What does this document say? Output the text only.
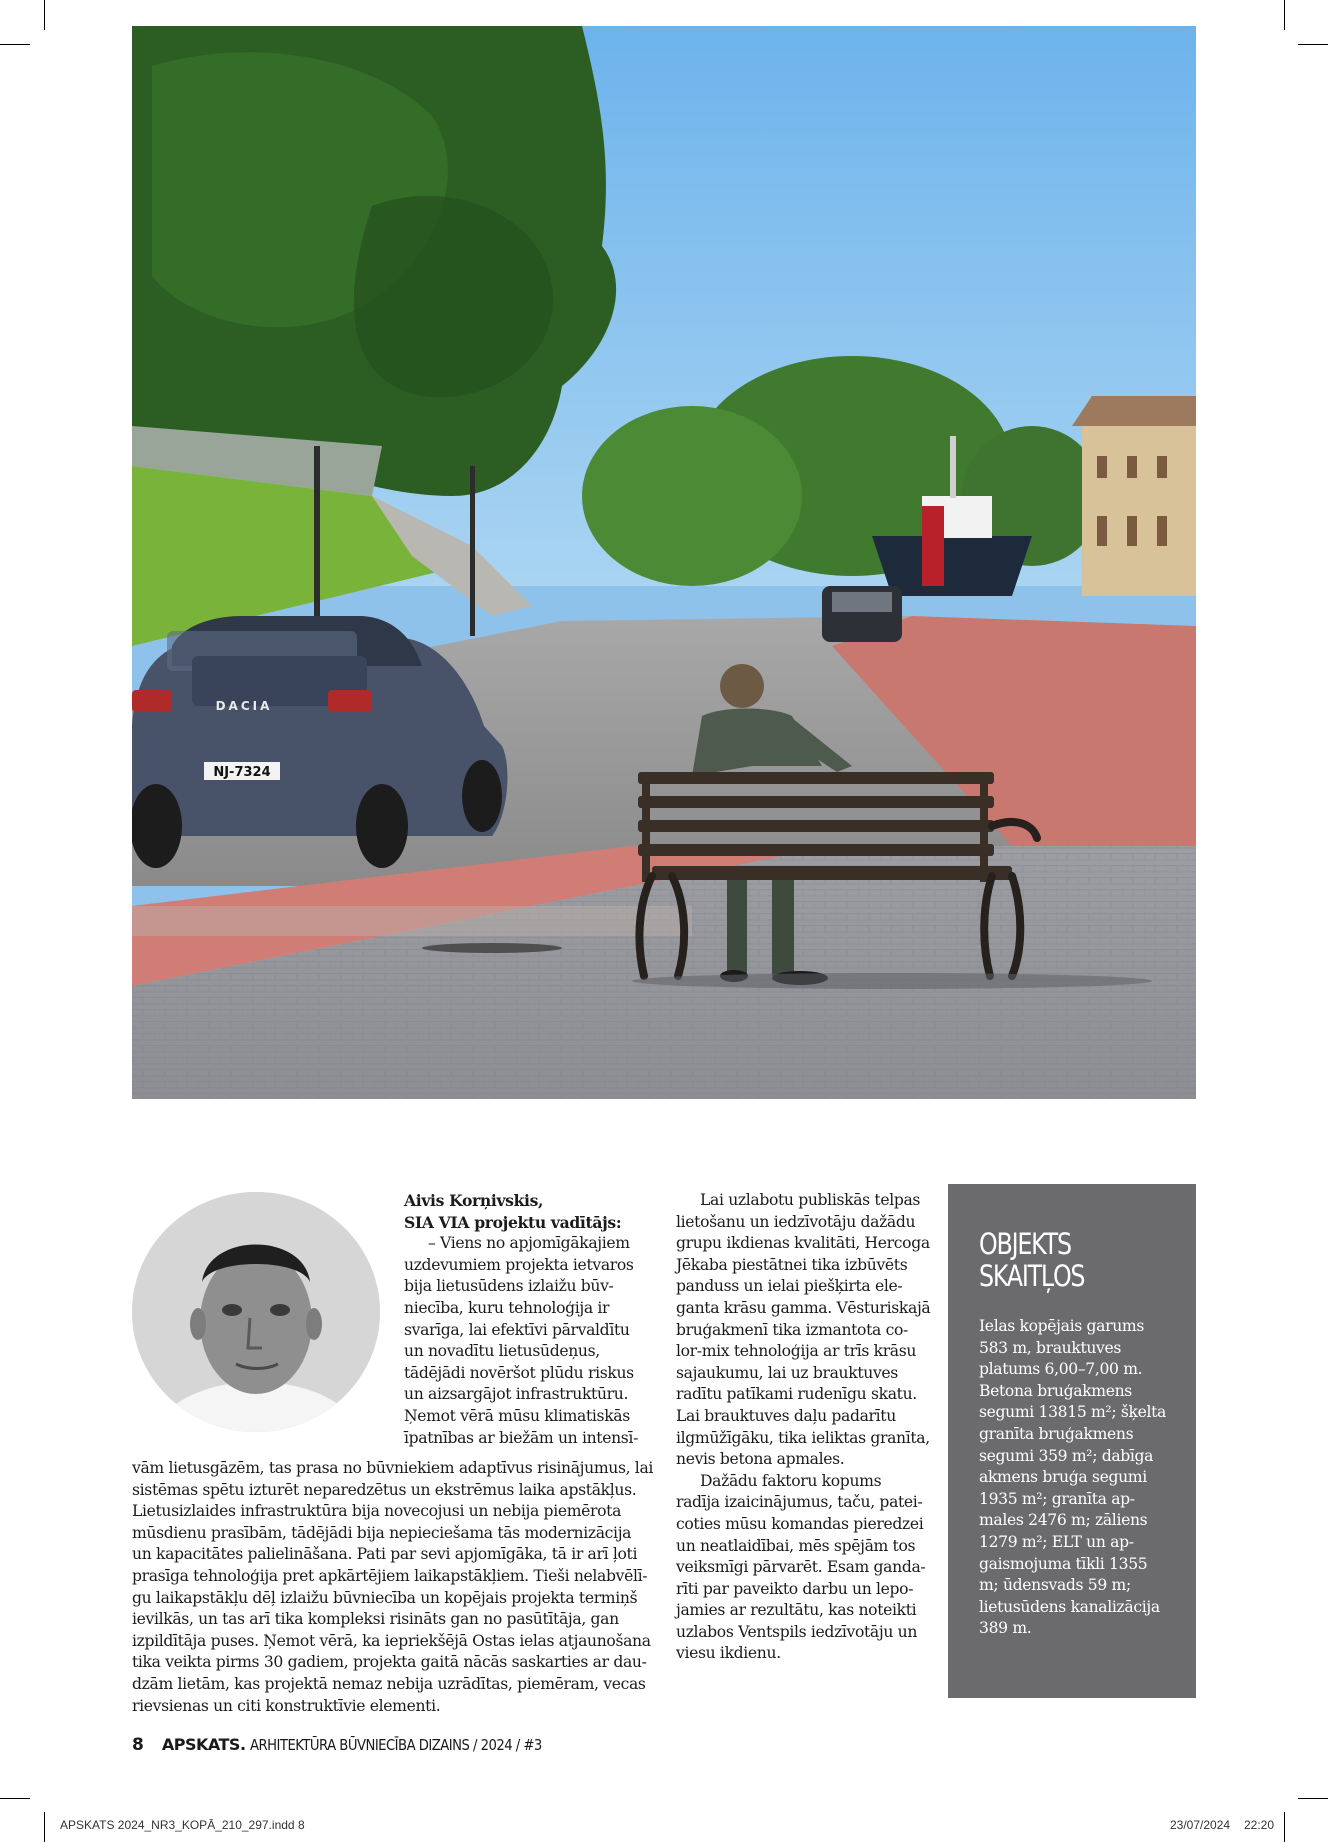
NJ-7324
DACIA
Aivis Korņivskis,
SIA VIA projektu vadītājs:
– Viens no apjomīgākajiem
uzdevumiem projekta ietvaros
bija lietusūdens izlaižu būv-
niecība, kuru tehnoloģija ir
svarīga, lai efektīvi pārvaldītu
un novadītu lietusūdeņus,
tādējādi novēršot plūdu riskus
un aizsargājot infrastruktūru.
Ņemot vērā mūsu klimatiskās
īpatnības ar biežām un intensī-
vām lietusgāzēm, tas prasa no būvniekiem adaptīvus risinājumus, lai
sistēmas spētu izturēt neparedzētus un ekstrēmus laika apstākļus.
Lietusizlaides infrastruktūra bija novecojusi un nebija piemērota
mūsdienu prasībām, tādējādi bija nepieciešama tās modernizācija
un kapacitātes palielināšana. Pati par sevi apjomīgāka, tā ir arī ļoti
prasīga tehnoloģija pret apkārtējiem laikapstākļiem. Tieši nelabvēlī-
gu laikapstākļu dēļ izlaižu būvniecība un kopējais projekta termiņš
ievilkās, un tas arī tika kompleksi risināts gan no pasūtītāja, gan
izpildītāja puses. Ņemot vērā, ka iepriekšējā Ostas ielas atjaunošana
tika veikta pirms 30 gadiem, projekta gaitā nācās saskarties ar dau-
dzām lietām, kas projektā nemaz nebija uzrādītas, piemēram, vecas
rievsienas un citi konstruktīvie elementi.
Lai uzlabotu publiskās telpas
lietošanu un iedzīvotāju dažādu
grupu ikdienas kvalitāti, Hercoga
Jēkaba piestātnei tika izbūvēts
panduss un ielai piešķirta ele-
ganta krāsu gamma. Vēsturiskajā
bruģakmenī tika izmantota co-
lor-mix tehnoloģija ar trīs krāsu
sajaukumu, lai uz brauktuves
radītu patīkami rudenīgu skatu.
Lai brauktuves daļu padarītu
ilgmūžīgāku, tika ieliktas granīta,
nevis betona apmales.
Dažādu faktoru kopums
radīja izaicinājumus, taču, patei-
coties mūsu komandas pieredzei
un neatlaidībai, mēs spējām tos
veiksmīgi pārvarēt. Esam ganda-
rīti par paveikto darbu un lepo-
jamies ar rezultātu, kas noteikti
uzlabos Ventspils iedzīvotāju un
viesu ikdienu.
OBJEKTS
SKAITĻOS
Ielas kopējais garums
583 m, brauktuves
platums 6,00–7,00 m.
Betona bruģakmens
segumi 13815 m²; šķelta
granīta bruģakmens
segumi 359 m²; dabīga
akmens bruģa segumi
1935 m²; granīta ap-
males 2476 m; zāliens
1279 m²; ELT un ap-
gaismojuma tīkli 1355
m; ūdensvads 59 m;
lietusūdens kanalizācija
389 m.
8 APSKATS. ARHITEKTŪRA BŪVNIECĪBA DIZAINS / 2024 / #3
APSKATS 2024_NR3_KOPĀ_210_297.indd 8	23/07/2024 22:20
